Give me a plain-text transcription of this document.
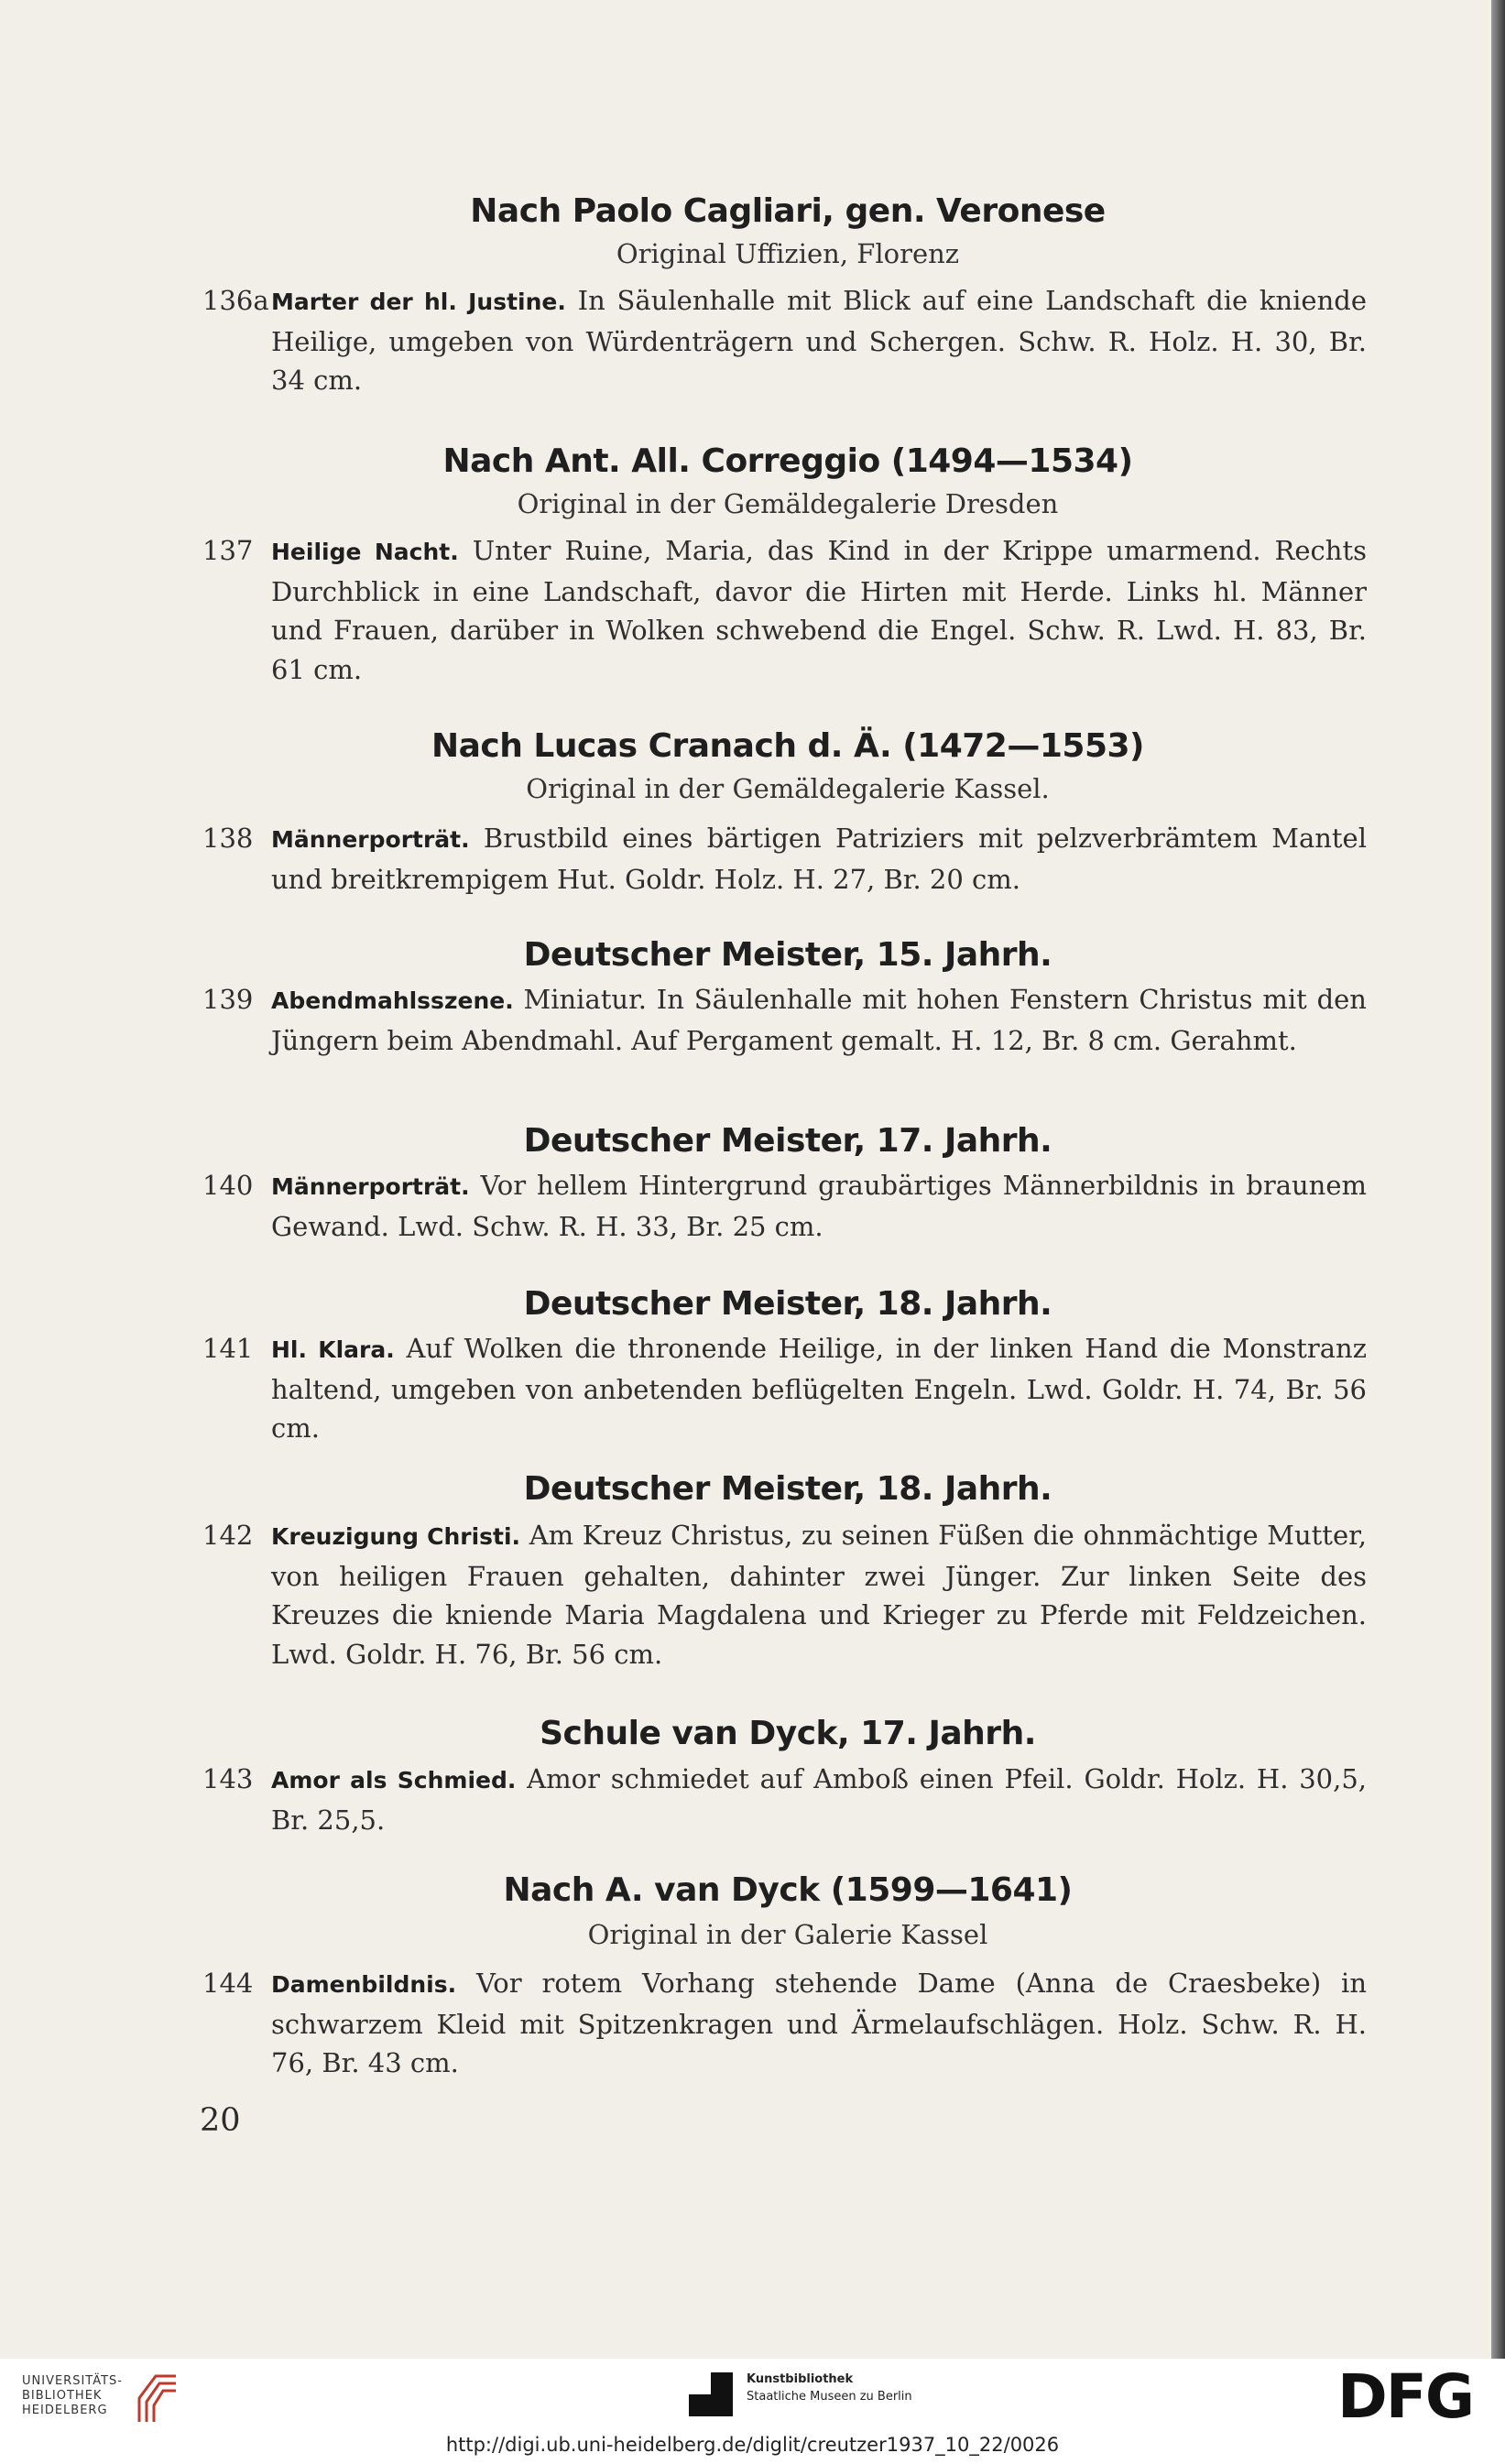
Nach Paolo Cagliari, gen. Veronese
Original Uffizien, Florenz
136a Marter der hl. Justine. In Säulenhalle mit Blick auf eine Landschaft die kniende Heilige, umgeben von Würdenträgern und Schergen. Schw. R. Holz. H. 30, Br. 34 cm.
Nach Ant. All. Correggio (1494—1534)
Original in der Gemäldegalerie Dresden
137 Heilige Nacht. Unter Ruine, Maria, das Kind in der Krippe umarmend. Rechts Durchblick in eine Landschaft, davor die Hirten mit Herde. Links hl. Männer und Frauen, darüber in Wolken schwebend die Engel. Schw. R. Lwd. H. 83, Br. 61 cm.
Nach Lucas Cranach d. Ä. (1472—1553)
Original in der Gemäldegalerie Kassel.
138 Männerporträt. Brustbild eines bärtigen Patriziers mit pelzverbrämtem Mantel und breitkrempigem Hut. Goldr. Holz. H. 27, Br. 20 cm.
Deutscher Meister, 15. Jahrh.
139 Abendmahlsszene. Miniatur. In Säulenhalle mit hohen Fenstern Christus mit den Jüngern beim Abendmahl. Auf Pergament gemalt. H. 12, Br. 8 cm. Gerahmt.
Deutscher Meister, 17. Jahrh.
140 Männerporträt. Vor hellem Hintergrund graubärtiges Männerbildnis in braunem Gewand. Lwd. Schw. R. H. 33, Br. 25 cm.
Deutscher Meister, 18. Jahrh.
141 Hl. Klara. Auf Wolken die thronende Heilige, in der linken Hand die Monstranz haltend, umgeben von anbetenden beflügelten Engeln. Lwd. Goldr. H. 74, Br. 56 cm.
Deutscher Meister, 18. Jahrh.
142 Kreuzigung Christi. Am Kreuz Christus, zu seinen Füßen die ohnmächtige Mutter, von heiligen Frauen gehalten, dahinter zwei Jünger. Zur linken Seite des Kreuzes die kniende Maria Magdalena und Krieger zu Pferde mit Feldzeichen. Lwd. Goldr. H. 76, Br. 56 cm.
Schule van Dyck, 17. Jahrh.
143 Amor als Schmied. Amor schmiedet auf Amboß einen Pfeil. Goldr. Holz. H. 30,5, Br. 25,5.
Nach A. van Dyck (1599—1641)
Original in der Galerie Kassel
144 Damenbildnis. Vor rotem Vorhang stehende Dame (Anna de Craesbeke) in schwarzem Kleid mit Spitzenkragen und Ärmelaufschlägen. Holz. Schw. R. H. 76, Br. 43 cm.
20
UNIVERSITÄTS-
BIBLIOTHEK
HEIDELBERG
Kunstbibliothek
Staatliche Museen zu Berlin	DFG
http://digi.ub.uni-heidelberg.de/diglit/creutzer1937_10_22/0026
